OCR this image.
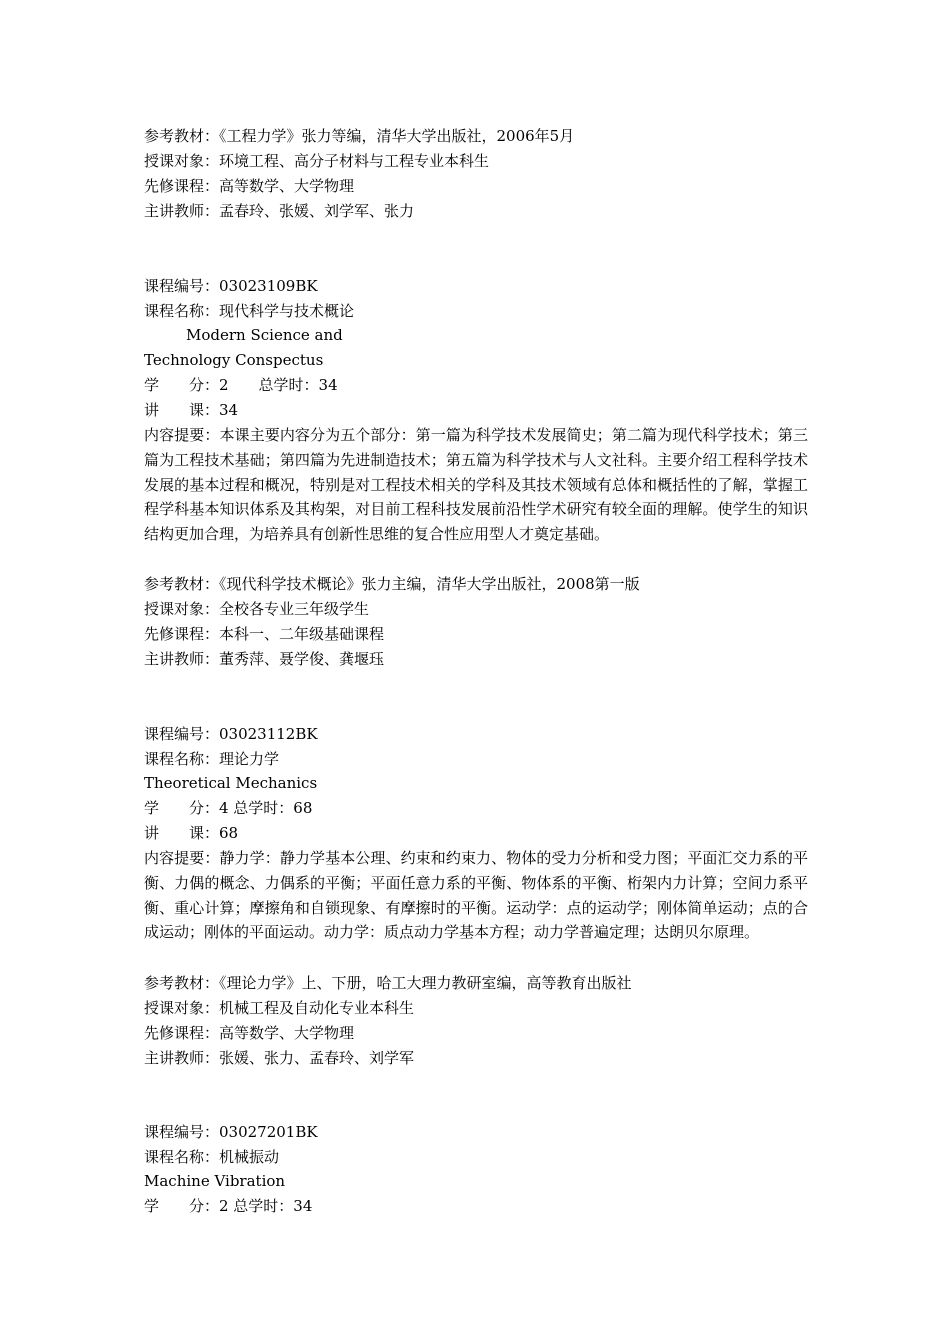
参考教材：《工程力学》张力等编，清华大学出版社，2006年5月
授课对象：环境工程、高分子材料与工程专业本科生
先修课程：高等数学、大学物理
主讲教师：孟春玲、张媛、刘学军、张力
课程编号：03023109BK
课程名称：现代科学与技术概论
Modern Science and
Technology Conspectus
学　　分：2　　总学时：34
讲　　课：34
内容提要：本课主要内容分为五个部分：第一篇为科学技术发展简史；第二篇为现代科学技术；第三篇为工程技术基础；第四篇为先进制造技术；第五篇为科学技术与人文社科。主要介绍工程科学技术发展的基本过程和概况，特别是对工程技术相关的学科及其技术领域有总体和概括性的了解，掌握工程学科基本知识体系及其构架，对目前工程科技发展前沿性学术研究有较全面的理解。使学生的知识结构更加合理，为培养具有创新性思维的复合性应用型人才奠定基础。
参考教材：《现代科学技术概论》张力主编，清华大学出版社，2008第一版
授课对象：全校各专业三年级学生
先修课程：本科一、二年级基础课程
主讲教师：董秀萍、聂学俊、龚堰珏
课程编号：03023112BK
课程名称：理论力学
Theoretical Mechanics
学　　分：4 总学时：68
讲　　课：68
内容提要：静力学：静力学基本公理、约束和约束力、物体的受力分析和受力图；平面汇交力系的平衡、力偶的概念、力偶系的平衡；平面任意力系的平衡、物体系的平衡、桁架内力计算；空间力系平衡、重心计算；摩擦角和自锁现象、有摩擦时的平衡。运动学：点的运动学；刚体简单运动；点的合成运动；刚体的平面运动。动力学：质点动力学基本方程；动力学普遍定理；达朗贝尔原理。
参考教材：《理论力学》上、下册，哈工大理力教研室编，高等教育出版社
授课对象：机械工程及自动化专业本科生
先修课程：高等数学、大学物理
主讲教师：张媛、张力、孟春玲、刘学军
课程编号：03027201BK
课程名称：机械振动
Machine Vibration
学　　分：2 总学时：34
